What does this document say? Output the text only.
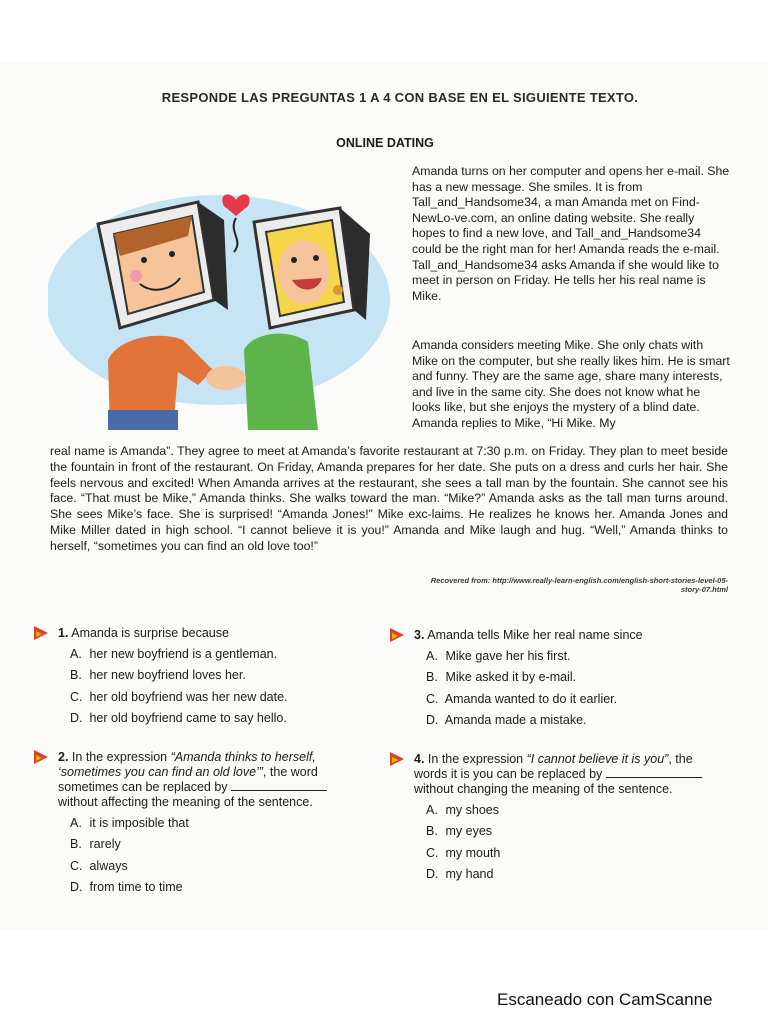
RESPONDE LAS PREGUNTAS 1 A 4 CON BASE EN EL SIGUIENTE TEXTO.
ONLINE DATING

Amanda turns on her computer and opens her e-mail. She has a new message. She smiles. It is from Tall_and_Handsome34, a man Amanda met on Find-NewLo-ve.com, an online dating website. She really hopes to find a new love, and Tall_and_Handsome34 could be the right man for her! Amanda reads the e-mail. Tall_and_Handsome34 asks Amanda if she would like to meet in person on Friday. He tells her his real name is Mike.

Amanda considers meeting Mike. She only chats with Mike on the computer, but she really likes him. He is smart and funny. They are the same age, share many interests, and live in the same city. She does not know what he looks like, but she enjoys the mystery of a blind date. Amanda replies to Mike, “Hi Mike. My

real name is Amanda”. They agree to meet at Amanda’s favorite restaurant at 7:30 p.m. on Friday. They plan to meet beside the fountain in front of the restaurant. On Friday, Amanda prepares for her date. She puts on a dress and curls her hair. She feels nervous and excited! When Amanda arrives at the restaurant, she sees a tall man by the fountain. She cannot see his face. “That must be Mike,” Amanda thinks. She walks toward the man. “Mike?” Amanda asks as the tall man turns around. She sees Mike’s face. She is surprised! “Amanda Jones!” Mike exc-laims. He realizes he knows her. Amanda Jones and Mike Miller dated in high school. “I cannot believe it is you!” Amanda and Mike laugh and hug. “Well,” Amanda thinks to herself, “sometimes you can find an old love too!”

Recovered from: http://www.really-learn-english.com/english-short-stories-level-05-story-07.html
1. Amanda is surprise because
A. her new boyfriend is a gentleman.
B. her new boyfriend loves her.
C. her old boyfriend was her new date.
D. her old boyfriend came to say hello.
3. Amanda tells Mike her real name since
A. Mike gave her his first.
B. Mike asked it by e-mail.
C. Amanda wanted to do it earlier.
D. Amanda made a mistake.
2. In the expression “Amanda thinks to herself, ‘sometimes you can find an old love’”, the word sometimes can be replaced by  without affecting the meaning of the sentence.
A. it is imposible that
B. rarely
C. always
D. from time to time
4. In the expression “I cannot believe it is you”, the words it is you can be replaced by  without changing the meaning of the sentence.
A. my shoes
B. my eyes
C. my mouth
D. my hand
Escaneado con CamScanne
